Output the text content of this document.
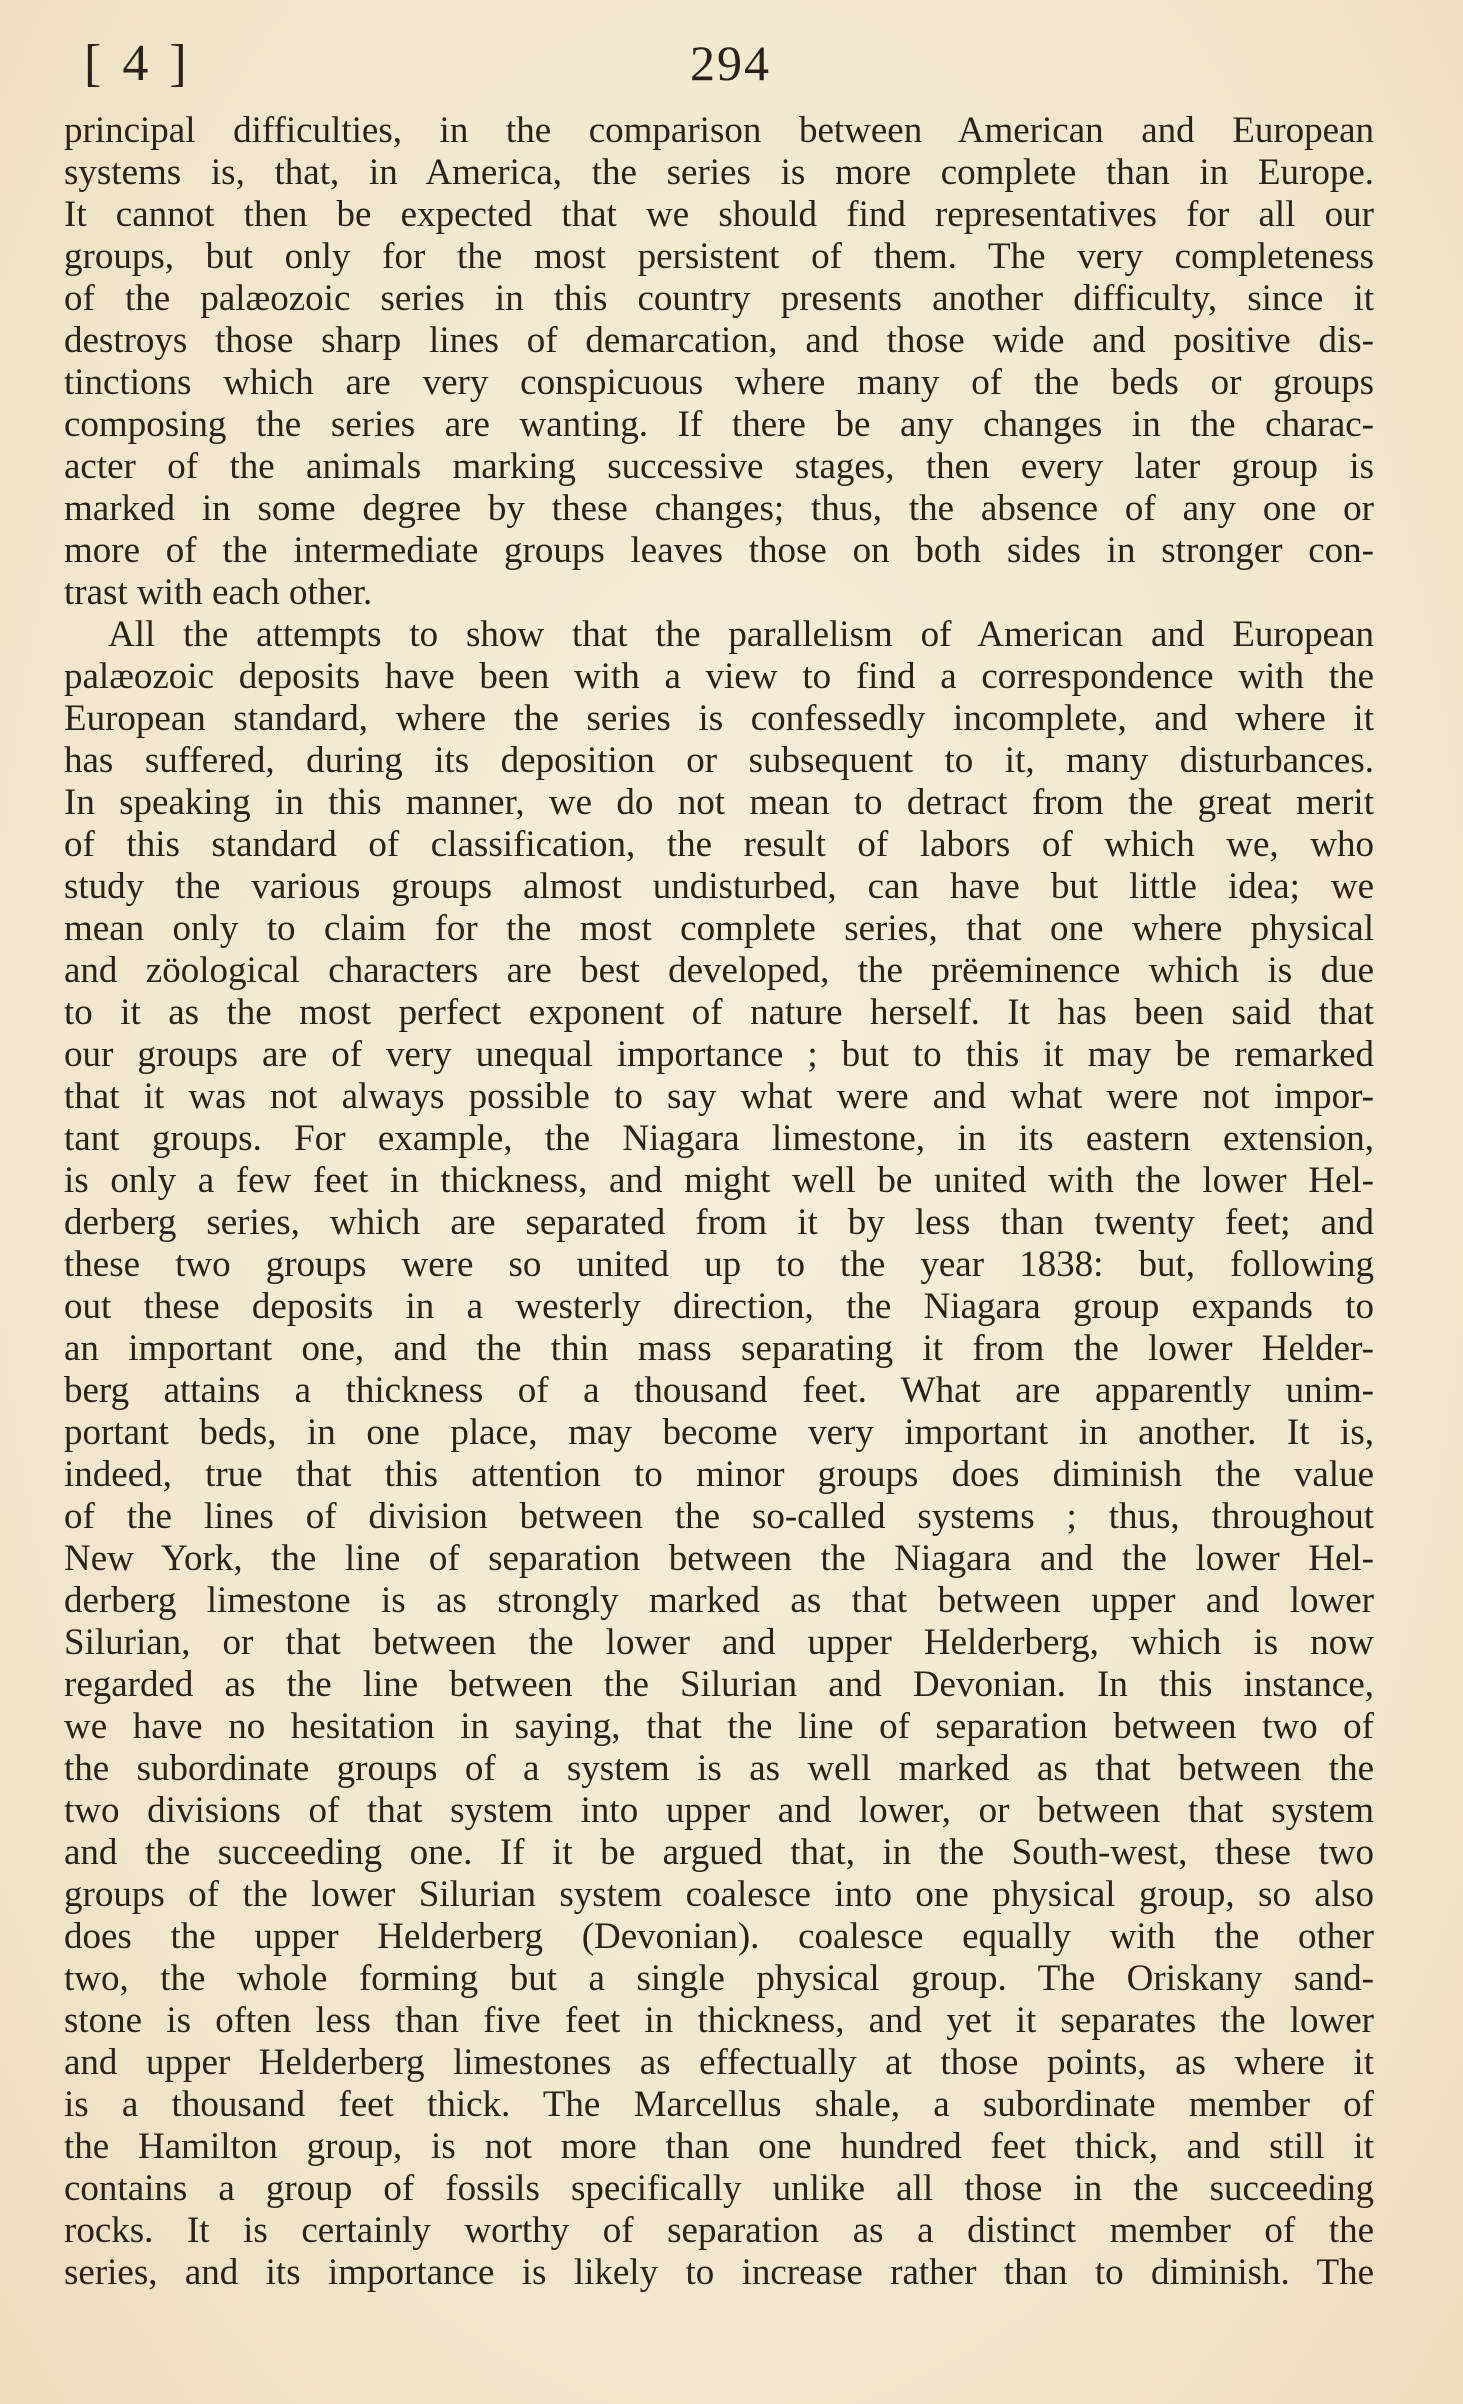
[ 4 ]	294
principal difficulties, in the comparison between American and European
systems is, that, in America, the series is more complete than in Europe.
It cannot then be expected that we should find representatives for all our
groups, but only for the most persistent of them. The very completeness
of the palæozoic series in this country presents another difficulty, since it
destroys those sharp lines of demarcation, and those wide and positive dis-
tinctions which are very conspicuous where many of the beds or groups
composing the series are wanting. If there be any changes in the charac-
acter of the animals marking successive stages, then every later group is
marked in some degree by these changes; thus, the absence of any one or
more of the intermediate groups leaves those on both sides in stronger con-
trast with each other.
All the attempts to show that the parallelism of American and European
palæozoic deposits have been with a view to find a correspondence with the
European standard, where the series is confessedly incomplete, and where it
has suffered, during its deposition or subsequent to it, many disturbances.
In speaking in this manner, we do not mean to detract from the great merit
of this standard of classification, the result of labors of which we, who
study the various groups almost undisturbed, can have but little idea; we
mean only to claim for the most complete series, that one where physical
and zöological characters are best developed, the prëeminence which is due
to it as the most perfect exponent of nature herself. It has been said that
our groups are of very unequal importance ; but to this it may be remarked
that it was not always possible to say what were and what were not impor-
tant groups. For example, the Niagara limestone, in its eastern extension,
is only a few feet in thickness, and might well be united with the lower Hel-
derberg series, which are separated from it by less than twenty feet; and
these two groups were so united up to the year 1838: but, following
out these deposits in a westerly direction, the Niagara group expands to
an important one, and the thin mass separating it from the lower Helder-
berg attains a thickness of a thousand feet. What are apparently unim-
portant beds, in one place, may become very important in another. It is,
indeed, true that this attention to minor groups does diminish the value
of the lines of division between the so-called systems ; thus, throughout
New York, the line of separation between the Niagara and the lower Hel-
derberg limestone is as strongly marked as that between upper and lower
Silurian, or that between the lower and upper Helderberg, which is now
regarded as the line between the Silurian and Devonian. In this instance,
we have no hesitation in saying, that the line of separation between two of
the subordinate groups of a system is as well marked as that between the
two divisions of that system into upper and lower, or between that system
and the succeeding one. If it be argued that, in the South-west, these two
groups of the lower Silurian system coalesce into one physical group, so also
does the upper Helderberg (Devonian). coalesce equally with the other
two, the whole forming but a single physical group. The Oriskany sand-
stone is often less than five feet in thickness, and yet it separates the lower
and upper Helderberg limestones as effectually at those points, as where it
is a thousand feet thick. The Marcellus shale, a subordinate member of
the Hamilton group, is not more than one hundred feet thick, and still it
contains a group of fossils specifically unlike all those in the succeeding
rocks. It is certainly worthy of separation as a distinct member of the
series, and its importance is likely to increase rather than to diminish. The
